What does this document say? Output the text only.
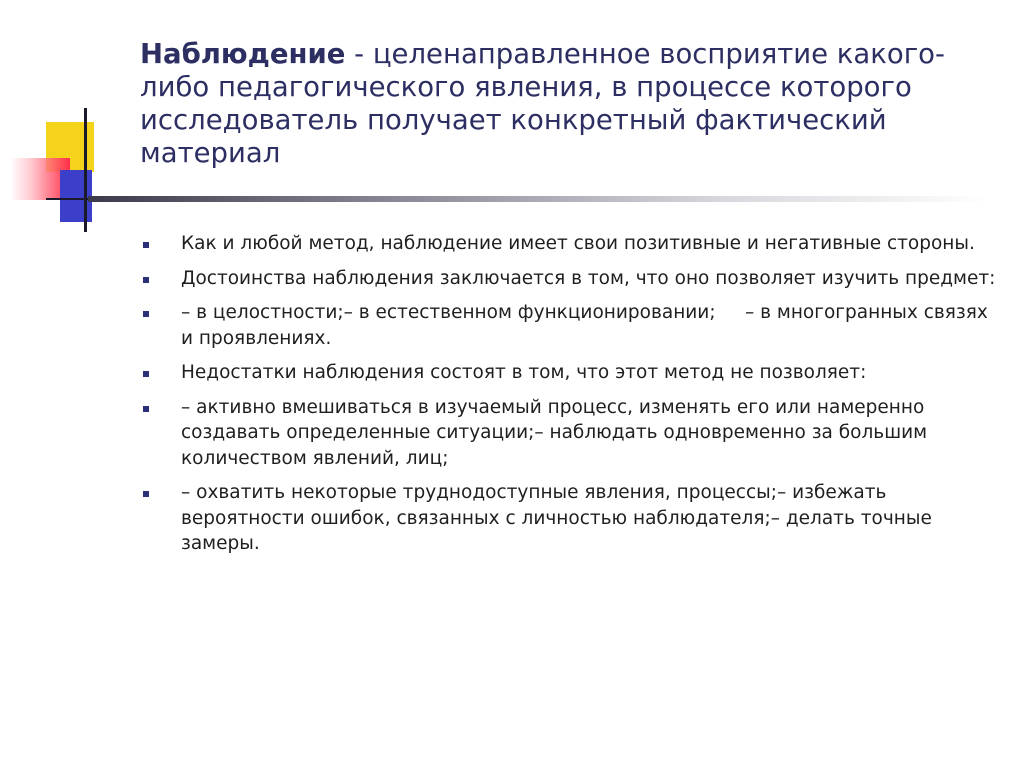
Наблюдение - целенаправленное восприятие какого-либо педагогического явления, в процессе которого исследователь получает конкретный фактический материал
Как и любой метод, наблюдение имеет свои позитивные и негативные стороны.
Достоинства наблюдения заключается в том, что оно позволяет изучить предмет:
– в целостности;– в естественном функционировании;     – в многогранных связях и проявлениях.
Недостатки наблюдения состоят в том, что этот метод не позволяет:
– активно вмешиваться в изучаемый процесс, изменять его или намеренно создавать определенные ситуации;– наблюдать одновременно за большим количеством явлений, лиц;
– охватить некоторые труднодоступные явления, процессы;– избежать вероятности ошибок, связанных с личностью наблюдателя;– делать точные замеры.
